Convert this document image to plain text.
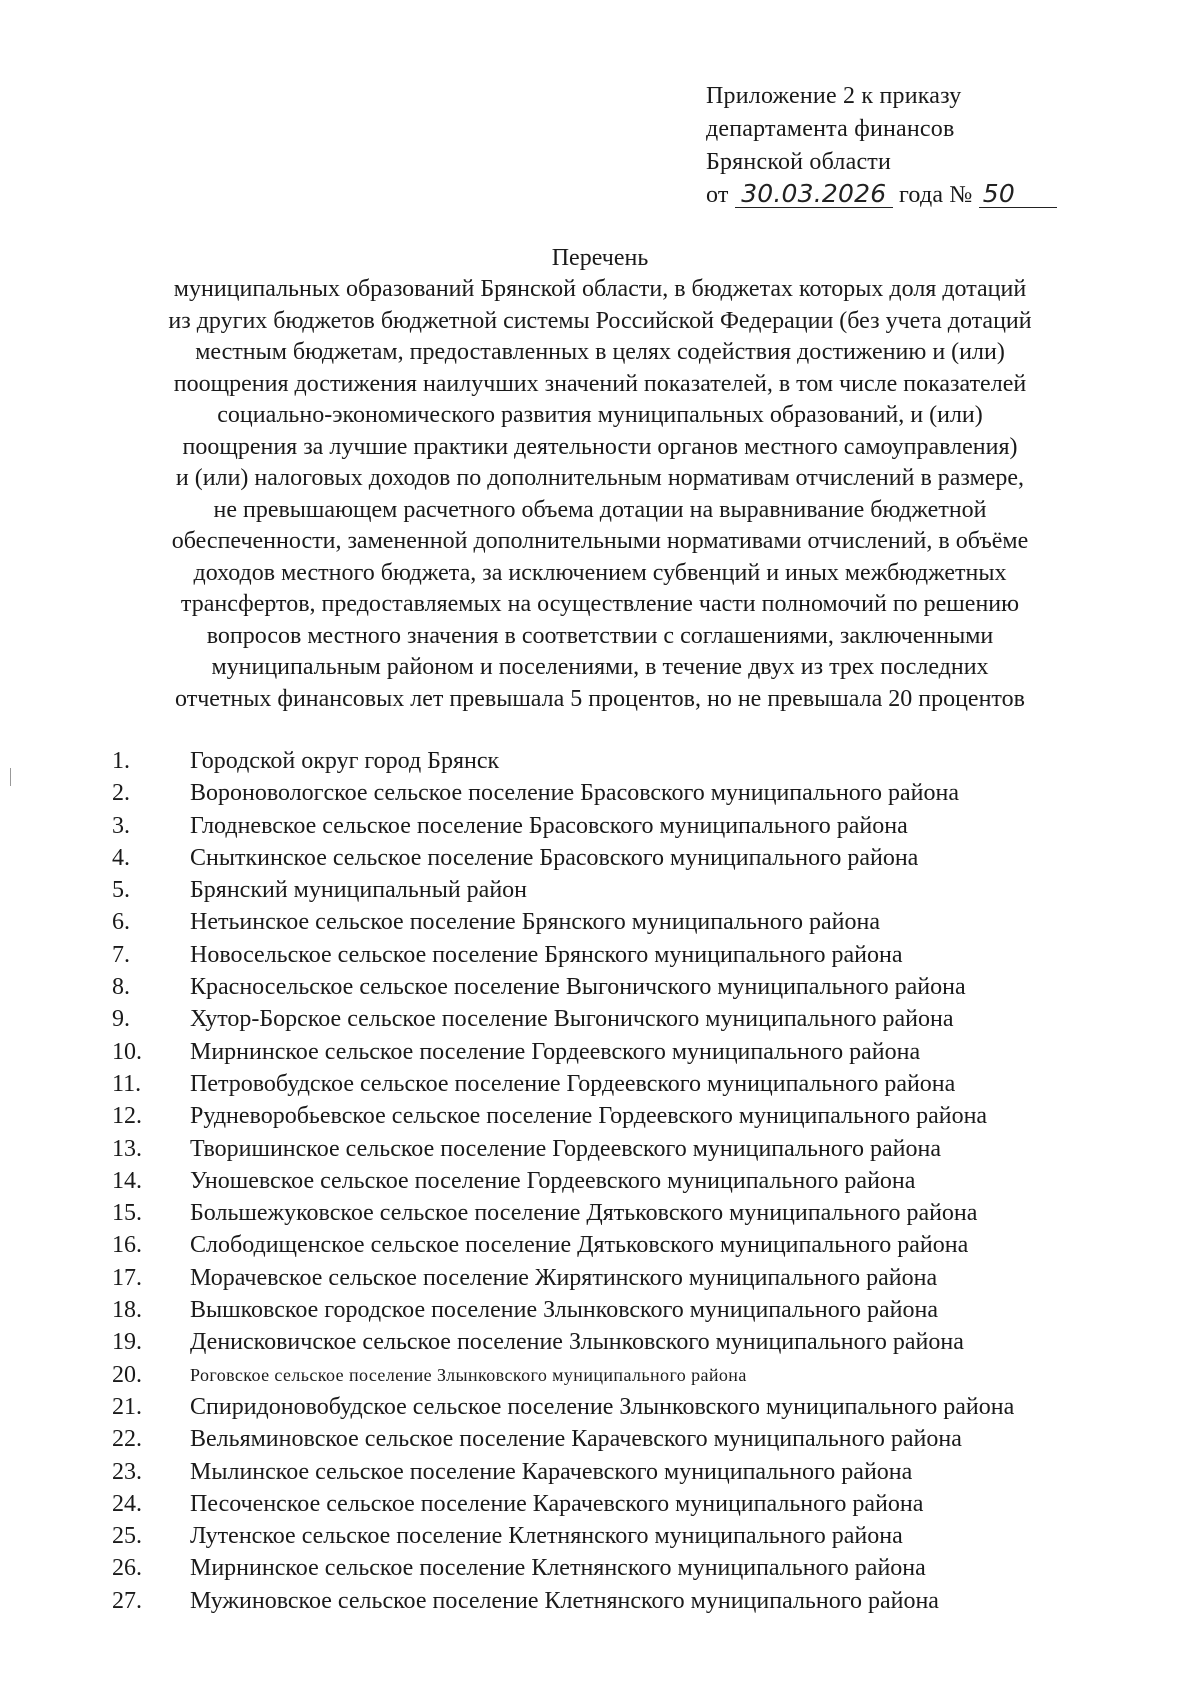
Приложение 2 к приказу
департамента финансов
Брянской области
от 30.03.2026 года № 50
Перечень
муниципальных образований Брянской области, в бюджетах которых доля дотаций
из других бюджетов бюджетной системы Российской Федерации (без учета дотаций
местным бюджетам, предоставленных в целях содействия достижению и (или)
поощрения достижения наилучших значений показателей, в том числе показателей
социально-экономического развития муниципальных образований, и (или)
поощрения за лучшие практики деятельности органов местного самоуправления)
и (или) налоговых доходов по дополнительным нормативам отчислений в размере,
не превышающем расчетного объема дотации на выравнивание бюджетной
обеспеченности, замененной дополнительными нормативами отчислений, в объёме
доходов местного бюджета, за исключением субвенций и иных межбюджетных
трансфертов, предоставляемых на осуществление части полномочий по решению
вопросов местного значения в соответствии с соглашениями, заключенными
муниципальным районом и поселениями, в течение двух из трех последних
отчетных финансовых лет превышала 5 процентов, но не превышала 20 процентов
1.	Городской округ город Брянск
2.	Вороновологское сельское поселение Брасовского муниципального района
3.	Глодневское сельское поселение Брасовского муниципального района
4.	Сныткинское сельское поселение Брасовского муниципального района
5.	Брянский муниципальный район
6.	Нетьинское сельское поселение Брянского муниципального района
7.	Новосельское сельское поселение Брянского муниципального района
8.	Красносельское сельское поселение Выгоничского муниципального района
9.	Хутор-Борское сельское поселение Выгоничского муниципального района
10. Мирнинское сельское поселение Гордеевского муниципального района
11. Петровобудское сельское поселение Гордеевского муниципального района
12. Рудневоробьевское сельское поселение Гордеевского муниципального района
13. Творишинское сельское поселение Гордеевского муниципального района
14. Уношевское сельское поселение Гордеевского муниципального района
15. Большежуковское сельское поселение Дятьковского муниципального района
16. Слободищенское сельское поселение Дятьковского муниципального района
17. Морачевское сельское поселение Жирятинского муниципального района
18. Вышковское городское поселение Злынковского муниципального района
19. Денисковичское сельское поселение Злынковского муниципального района
20.	Роговское сельское поселение Злынковского муниципального района
21. Спиридоновобудское сельское поселение Злынковского муниципального района
22. Вельяминовское сельское поселение Карачевского муниципального района
23. Мылинское сельское поселение Карачевского муниципального района
24. Песоченское сельское поселение Карачевского муниципального района
25. Лутенское сельское поселение Клетнянского муниципального района
26. Мирнинское сельское поселение Клетнянского муниципального района
27. Мужиновское сельское поселение Клетнянского муниципального района
